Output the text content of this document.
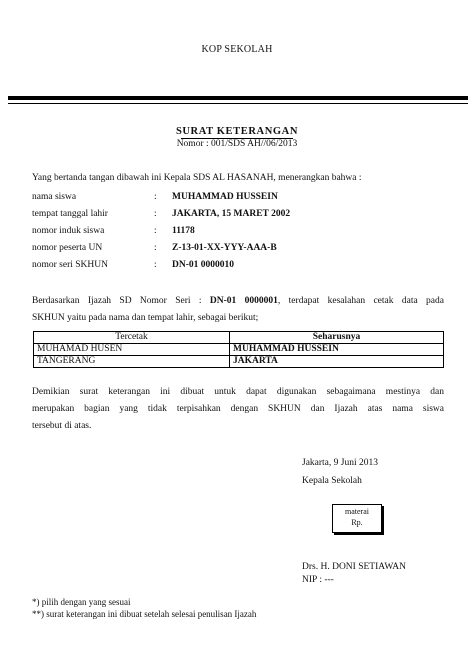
KOP SEKOLAH
SURAT KETERANGAN
Nomor : 001/SDS AH//06/2013
Yang bertanda tangan dibawah ini Kepala SDS AL HASANAH, menerangkan bahwa :
nama siswa	: MUHAMMAD HUSSEIN
tempat tanggal lahir	: JAKARTA, 15 MARET 2002
nomor induk siswa	: 11178
nomor peserta UN	: Z-13-01-XX-YYY-AAA-B
nomor seri SKHUN	: DN-01 0000010
Berdasarkan Ijazah SD Nomor Seri : DN-01 0000001, terdapat kesalahan cetak data pada
SKHUN yaitu pada nama dan tempat lahir, sebagai berikut;
Tercetak	Seharusnya
MUHAMAD HUSEN	MUHAMMAD HUSSEIN
TANGERANG	JAKARTA
Demikian surat keterangan ini dibuat untuk dapat digunakan sebagaimana mestinya dan
merupakan bagian yang tidak terpisahkan dengan SKHUN dan Ijazah atas nama siswa
tersebut di atas.
Jakarta, 9 Juni 2013
Kepala Sekolah
materai
Rp.
Drs. H. DONI SETIAWAN
NIP : ---
*) pilih dengan yang sesuai
**) surat keterangan ini dibuat setelah selesai penulisan Ijazah
